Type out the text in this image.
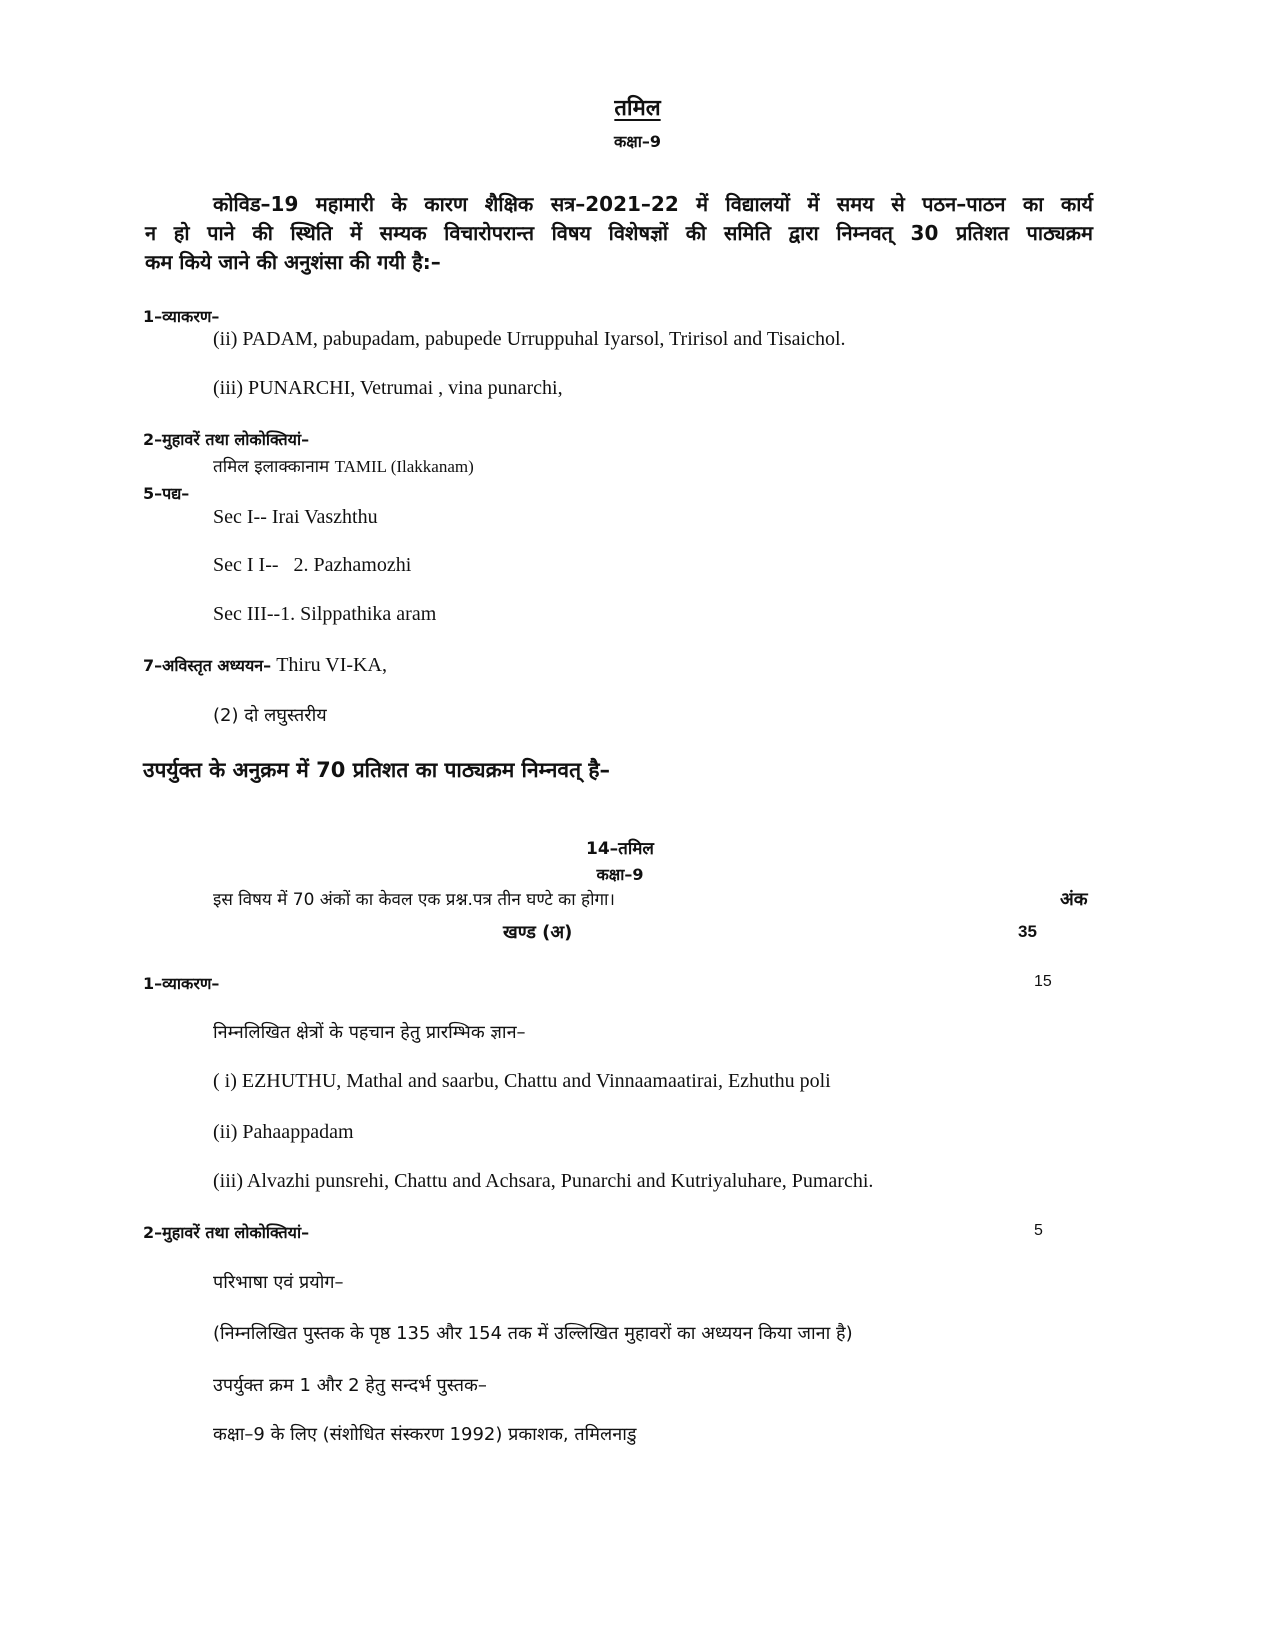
तमिल
कक्षा–9
कोविड–19 महामारी के कारण शैक्षिक सत्र–2021–22 में विद्यालयों में समय से पठन–पाठन का कार्य
न हो पाने की स्थिति में सम्यक विचारोपरान्त विषय विशेषज्ञों की समिति द्वारा निम्नवत् 30 प्रतिशत पाठ्यक्रम
कम किये जाने की अनुशंसा की गयी है:–
1–व्याकरण–
(ii) PADAM, pabupadam, pabupede Urruppuhal Iyarsol, Tririsol and Tisaichol.
(iii) PUNARCHI, Vetrumai , vina punarchi,
2–मुहावरें तथा लोकोक्तियां–
तमिल इलाक्कानाम TAMIL (Ilakkanam)
5–पद्य–
Sec I-- Irai Vaszhthu
Sec I I--   2. Pazhamozhi
Sec III--1. Silppathika aram
7–अविस्तृत अध्ययन– Thiru VI-KA,
(2) दो लघुस्तरीय
उपर्युक्त के अनुक्रम में 70 प्रतिशत का पाठ्यक्रम निम्नवत् है–
14–तमिल
कक्षा–9
इस विषय में 70 अंकों का केवल एक प्रश्न.पत्र तीन घण्टे का होगा।	अंक
खण्ड (अ)	35
1–व्याकरण–	15
निम्नलिखित क्षेत्रों के पहचान हेतु प्रारम्भिक ज्ञान–
( i) EZHUTHU, Mathal and saarbu, Chattu and Vinnaamaatirai, Ezhuthu poli
(ii) Pahaappadam
(iii) Alvazhi punsrehi, Chattu and Achsara, Punarchi and Kutriyaluhare, Pumarchi.
2–मुहावरें तथा लोकोक्तियां–	5
परिभाषा एवं प्रयोग–
(निम्नलिखित पुस्तक के पृष्ठ 135 और 154 तक में उल्लिखित मुहावरों का अध्ययन किया जाना है)
उपर्युक्त क्रम 1 और 2 हेतु सन्दर्भ पुस्तक–
कक्षा–9 के लिए (संशोधित संस्करण 1992) प्रकाशक, तमिलनाडु
